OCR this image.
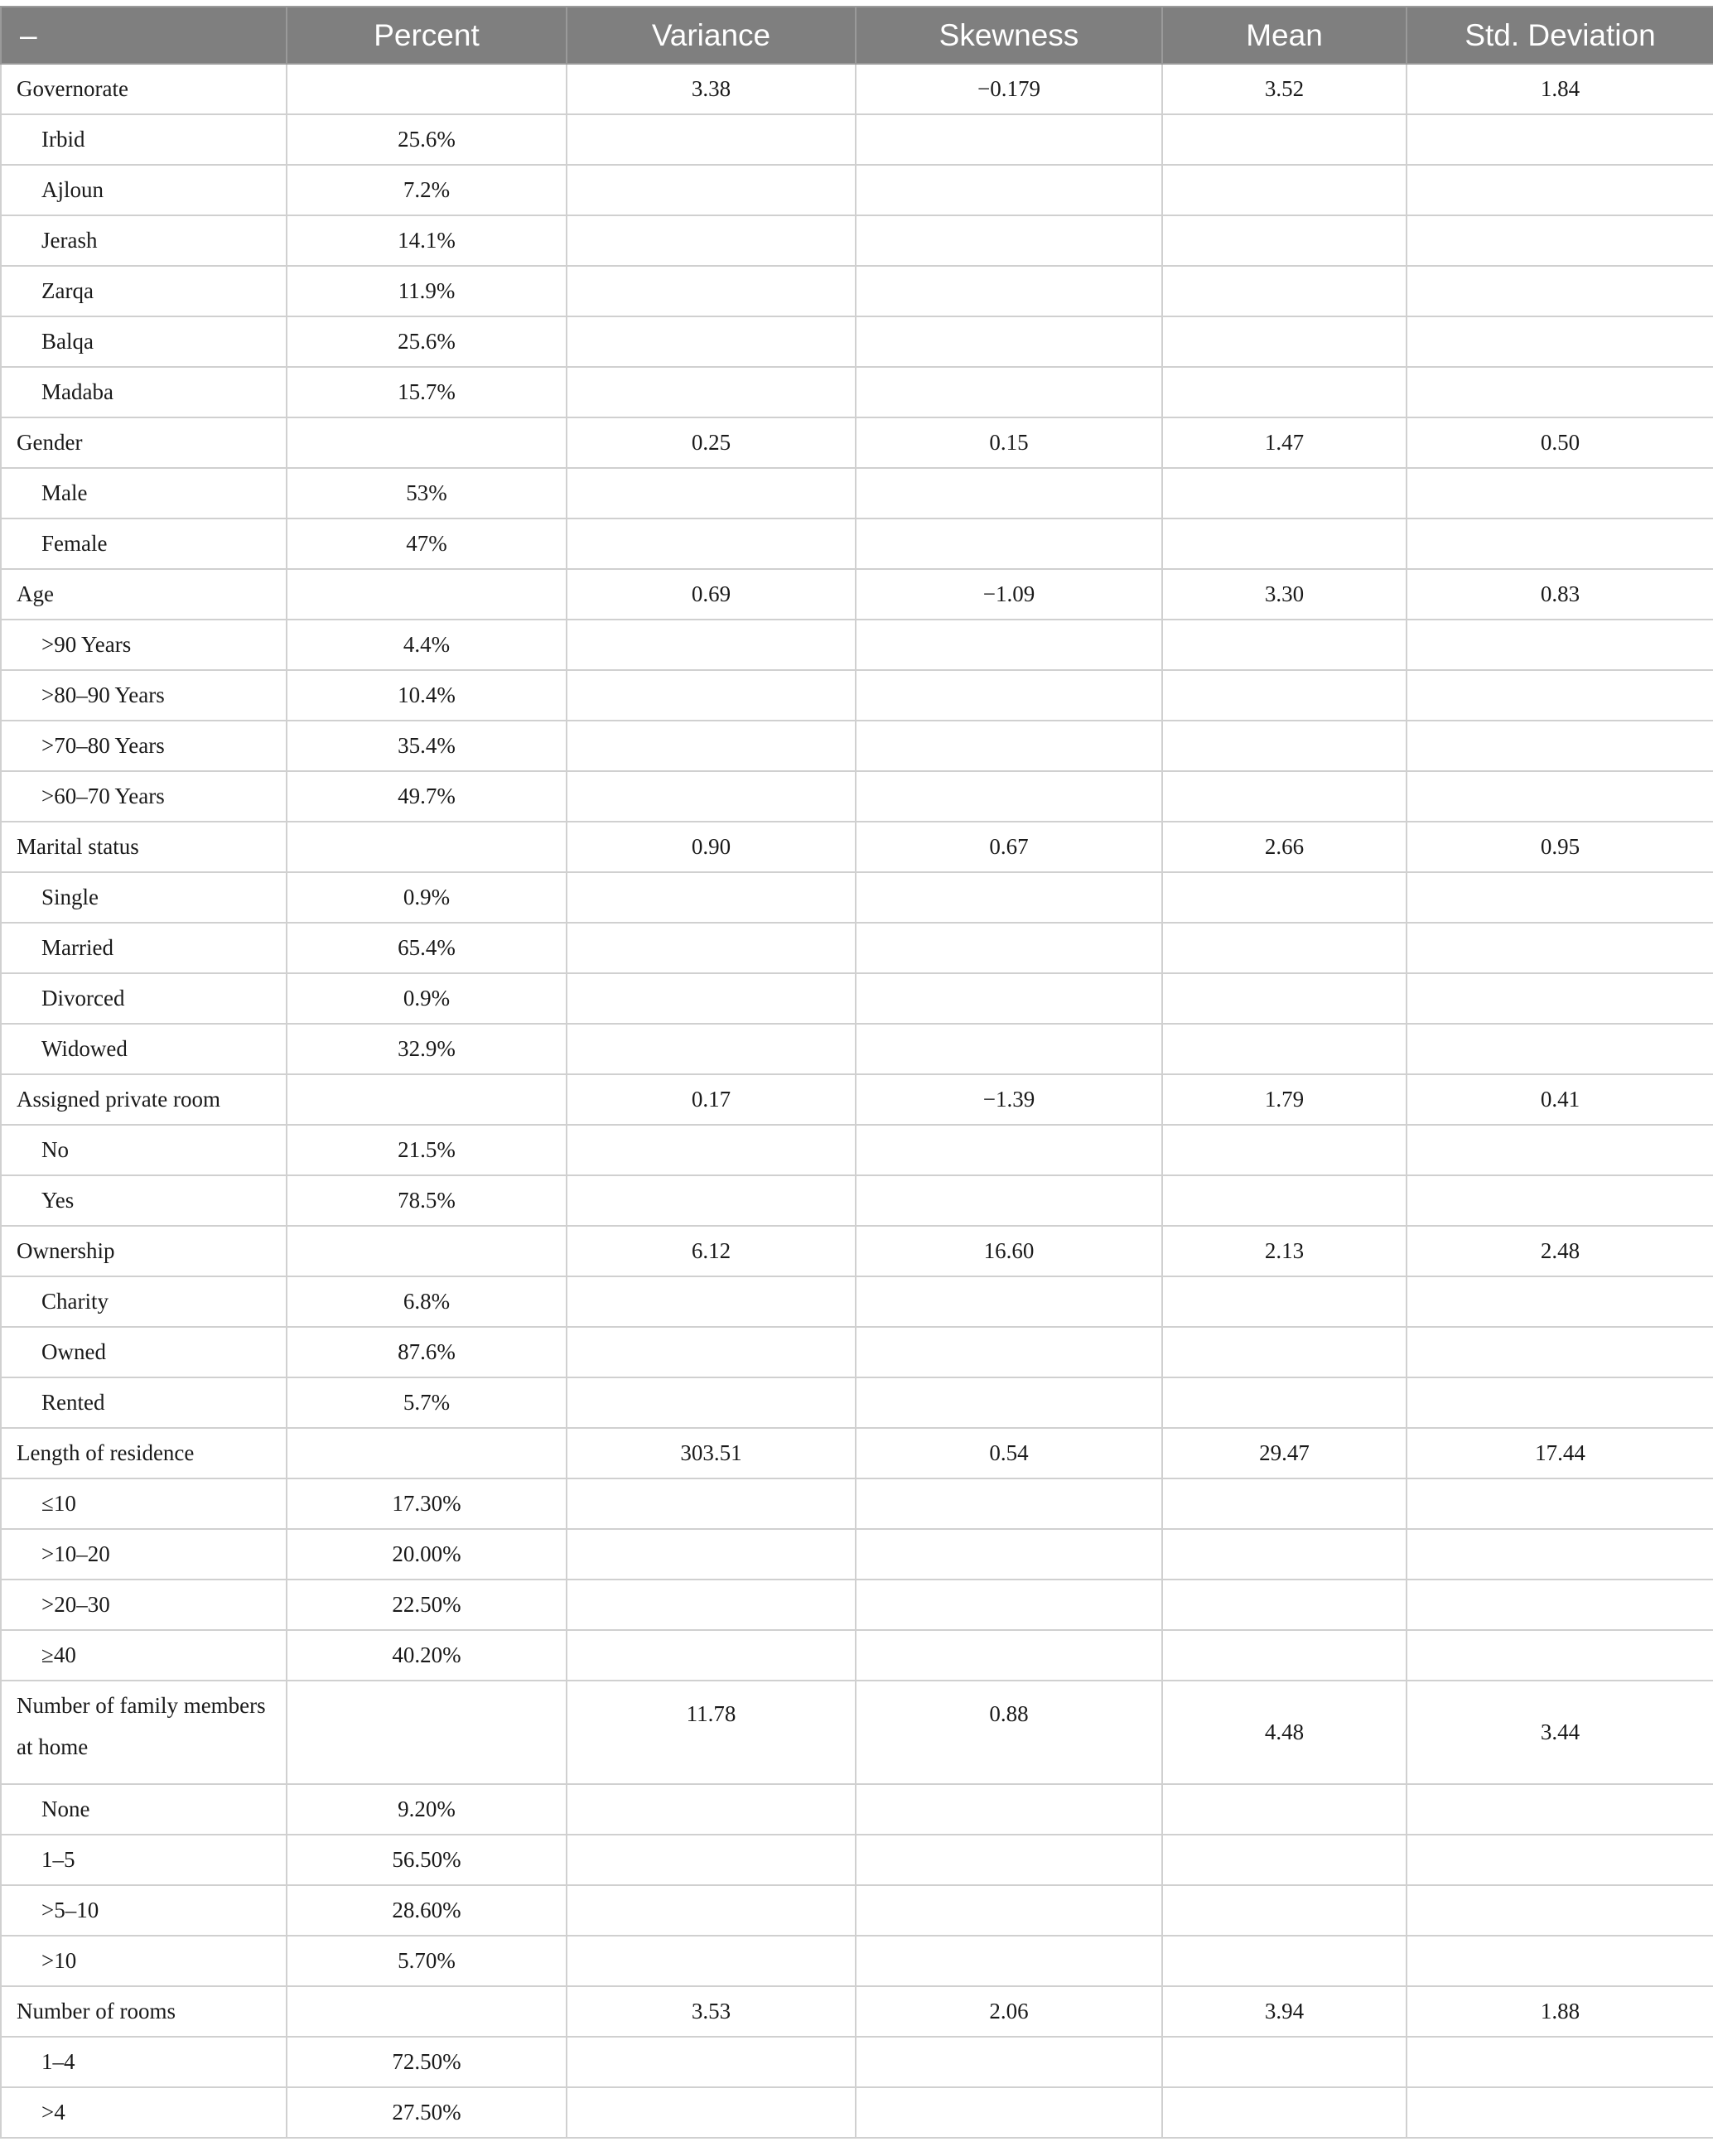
–	Percent	Variance	Skewness	Mean	Std. Deviation
Governorate		3.38	−0.179	3.52	1.84
Irbid	25.6%				
Ajloun	7.2%				
Jerash	14.1%				
Zarqa	11.9%				
Balqa	25.6%				
Madaba	15.7%				
Gender		0.25	0.15	1.47	0.50
Male	53%				
Female	47%				
Age		0.69	−1.09	3.30	0.83
>90 Years	4.4%				
>80–90 Years	10.4%				
>70–80 Years	35.4%				
>60–70 Years	49.7%				
Marital status		0.90	0.67	2.66	0.95
Single	0.9%				
Married	65.4%				
Divorced	0.9%				
Widowed	32.9%				
Assigned private room		0.17	−1.39	1.79	0.41
No	21.5%				
Yes	78.5%				
Ownership		6.12	16.60	2.13	2.48
Charity	6.8%				
Owned	87.6%				
Rented	5.7%				
Length of residence		303.51	0.54	29.47	17.44
≤10	17.30%				
>10–20	20.00%				
>20–30	22.50%				
≥40	40.20%				
Number of family members at home		11.78	0.88	4.48	3.44
None	9.20%				
1–5	56.50%				
>5–10	28.60%				
>10	5.70%				
Number of rooms		3.53	2.06	3.94	1.88
1–4	72.50%				
>4	27.50%				
